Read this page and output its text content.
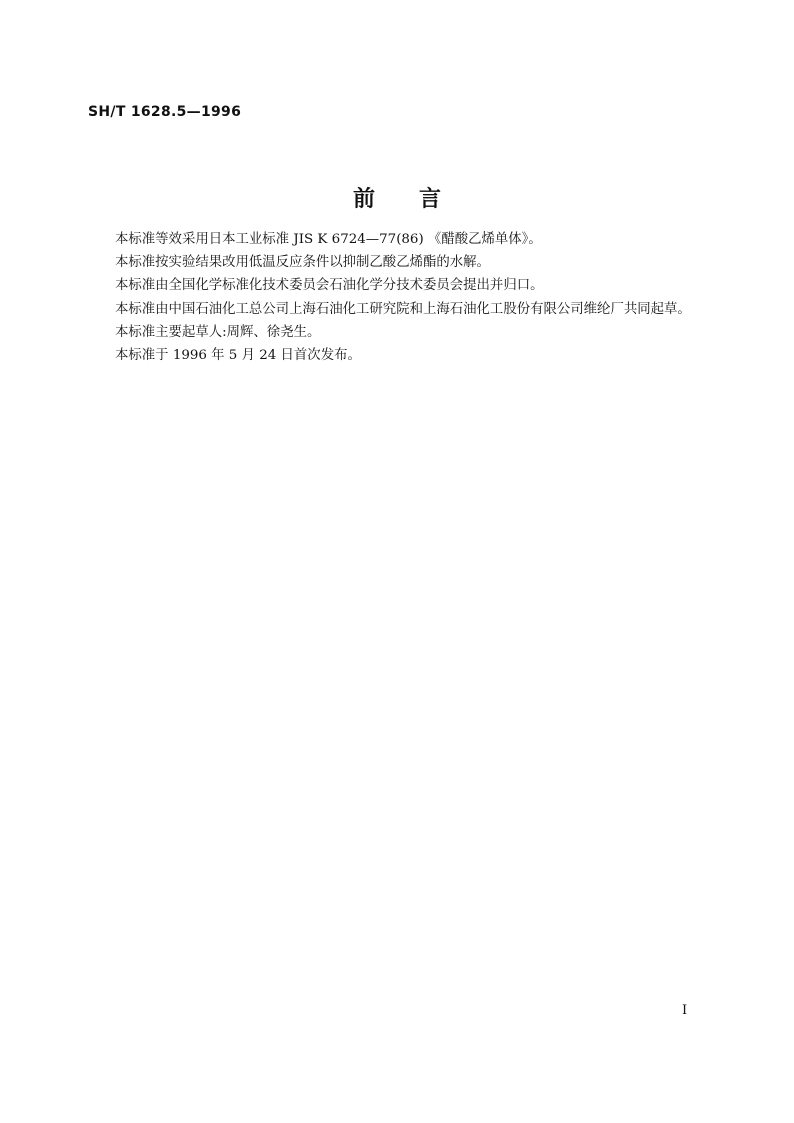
SH/T 1628.5—1996
前言

本标准等效采用日本工业标准 JIS K 6724—77(86) 《醋酸乙烯单体》。

本标准按实验结果改用低温反应条件以抑制乙酸乙烯酯的水解。

本标准由全国化学标准化技术委员会石油化学分技术委员会提出并归口。

本标准由中国石油化工总公司上海石油化工研究院和上海石油化工股份有限公司维纶厂共同起草。

本标准主要起草人:周辉、徐尧生。

本标准于 1996 年 5 月 24 日首次发布。

I
